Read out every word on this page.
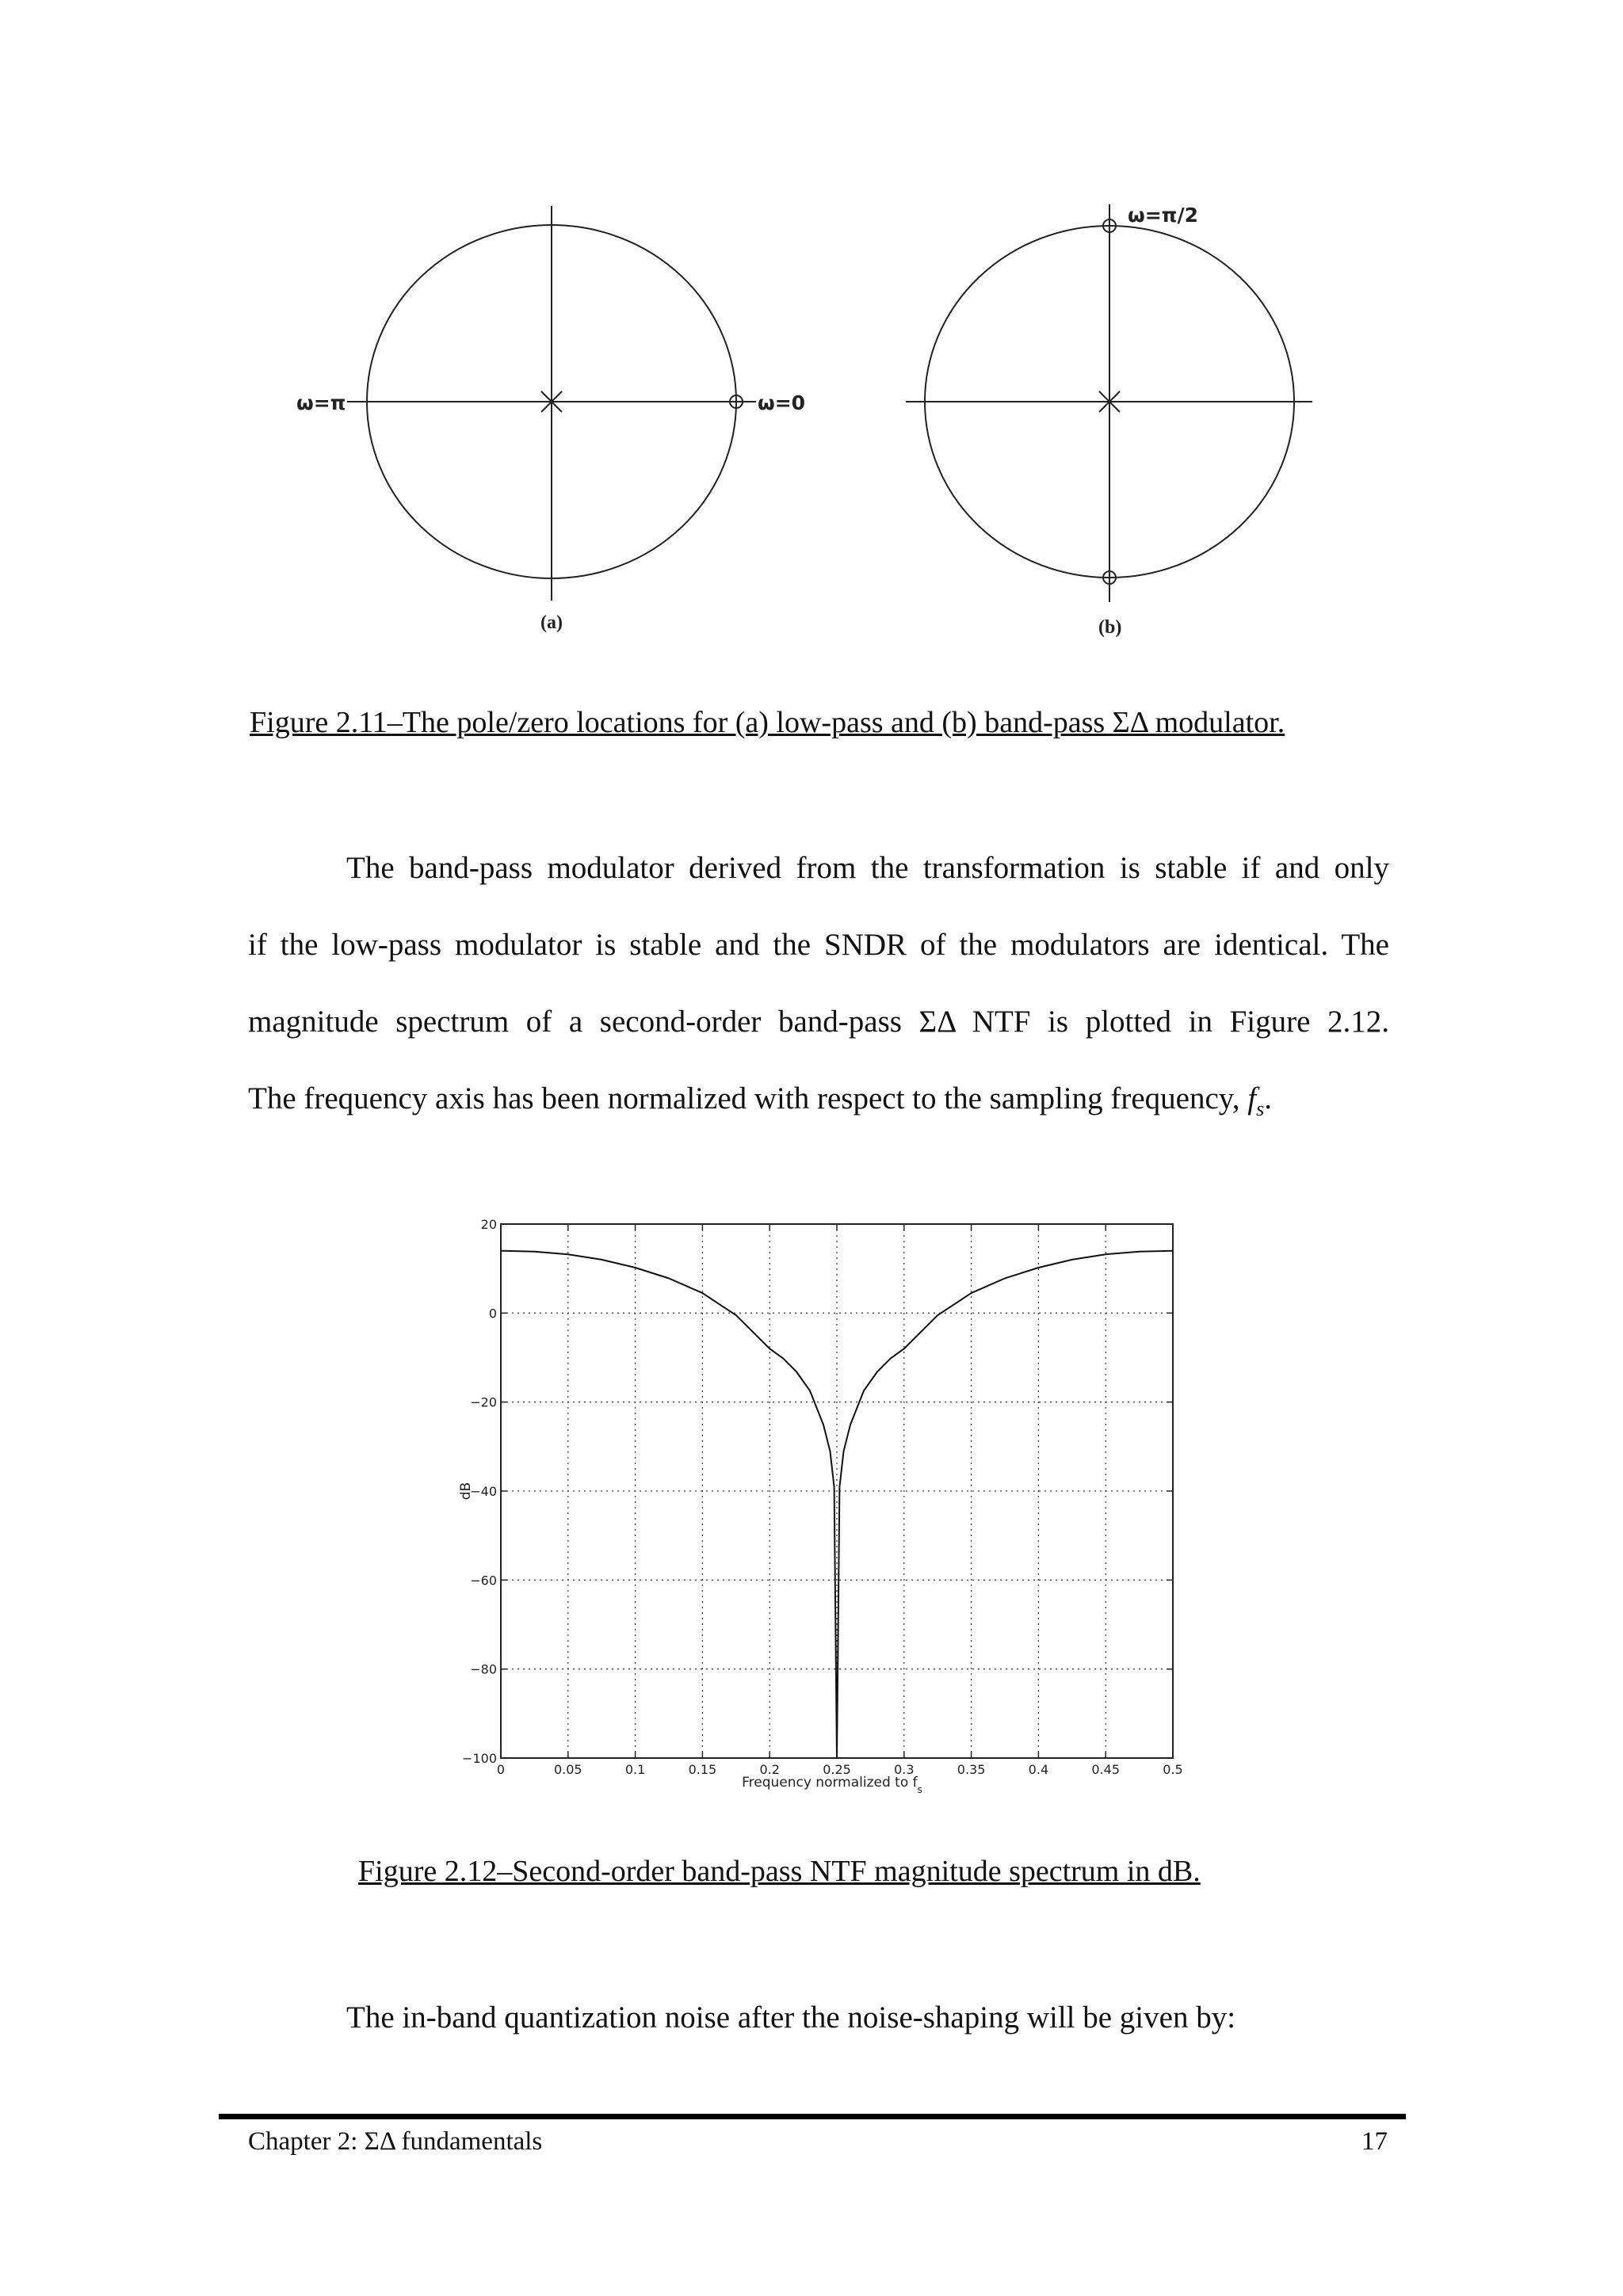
ω=π	ω=0
(a)
ω=π/2
(b)
Figure 2.11–The pole/zero locations for (a) low-pass and (b) band-pass ΣΔ modulator.

The band-pass modulator derived from the transformation is stable if and only

if the low-pass modulator is stable and the SNDR of the modulators are identical. The

magnitude spectrum of a second-order band-pass ΣΔ NTF is plotted in Figure 2.12.

The frequency axis has been normalized with respect to the sampling frequency, $f_s$.

0	0.05	0.1	0.15	0.2	0.25	0.3	0.35	0.4	0.45	0.5
20
0
−20
−40
−60
−80
−100
dB
Frequency normalized to $f_s$
Figure 2.12–Second-order band-pass NTF magnitude spectrum in dB.

The in-band quantization noise after the noise-shaping will be given by:

Chapter 2: ΣΔ fundamentals	17
